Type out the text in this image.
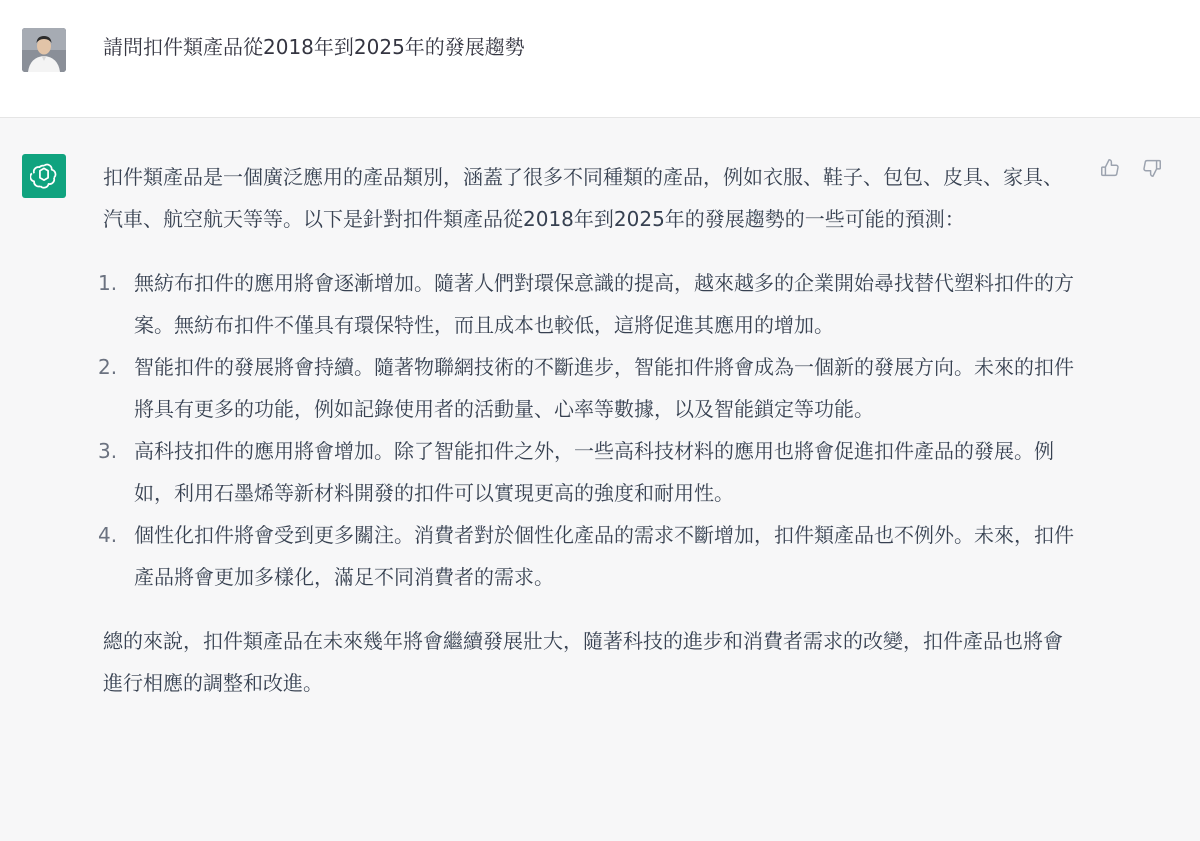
請問扣件類產品從2018年到2025年的發展趨勢

扣件類產品是一個廣泛應用的產品類別，涵蓋了很多不同種類的產品，例如衣服、鞋子、包包、皮具、家具、汽車、航空航天等等。以下是針對扣件類產品從2018年到2025年的發展趨勢的一些可能的預測：

1. 無紡布扣件的應用將會逐漸增加。隨著人們對環保意識的提高，越來越多的企業開始尋找替代塑料扣件的方案。無紡布扣件不僅具有環保特性，而且成本也較低，這將促進其應用的增加。
2. 智能扣件的發展將會持續。隨著物聯網技術的不斷進步，智能扣件將會成為一個新的發展方向。未來的扣件將具有更多的功能，例如記錄使用者的活動量、心率等數據，以及智能鎖定等功能。
3. 高科技扣件的應用將會增加。除了智能扣件之外，一些高科技材料的應用也將會促進扣件產品的發展。例如，利用石墨烯等新材料開發的扣件可以實現更高的強度和耐用性。
4. 個性化扣件將會受到更多關注。消費者對於個性化產品的需求不斷增加，扣件類產品也不例外。未來，扣件產品將會更加多樣化，滿足不同消費者的需求。

總的來說，扣件類產品在未來幾年將會繼續發展壯大，隨著科技的進步和消費者需求的改變，扣件產品也將會進行相應的調整和改進。
